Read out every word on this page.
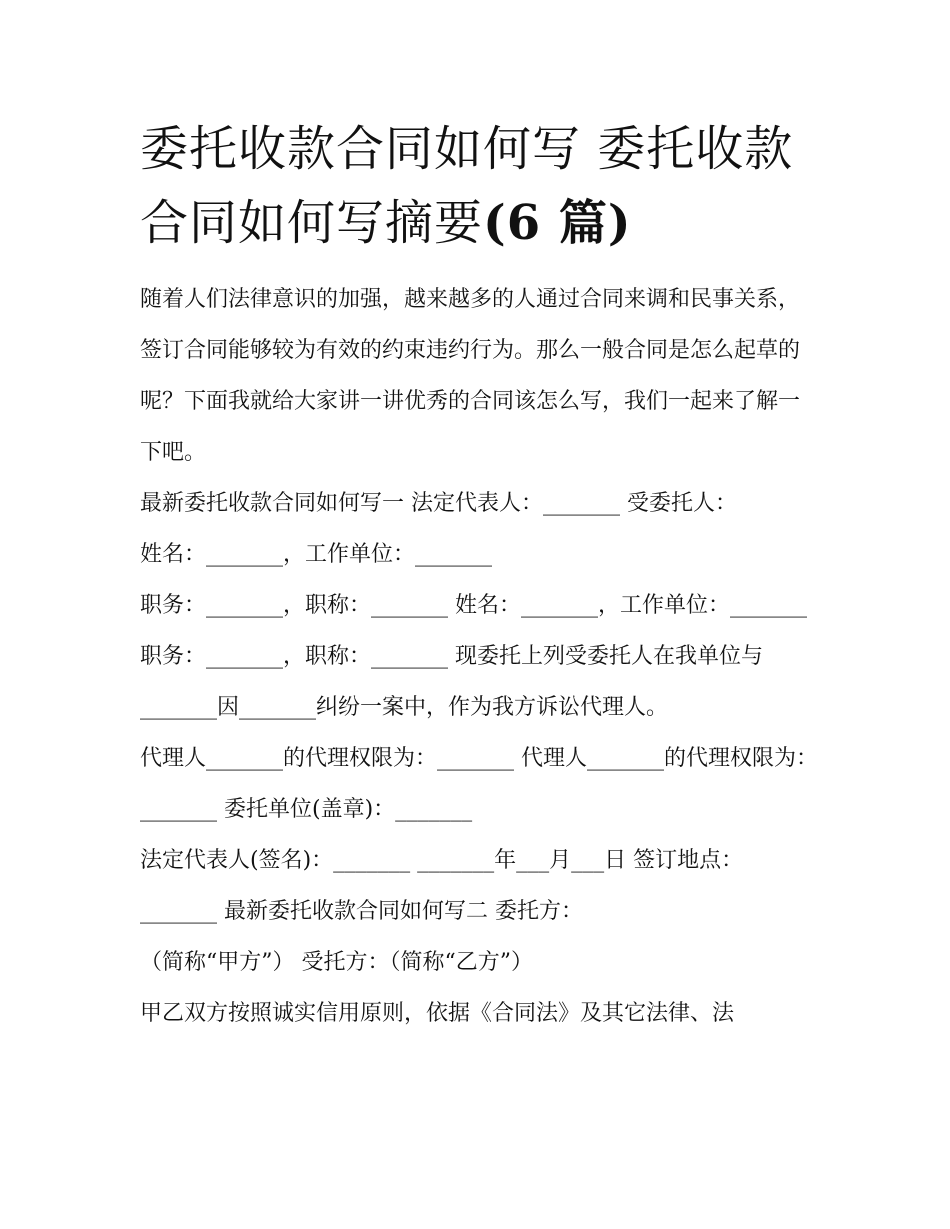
委托收款合同如何写 委托收款
合同如何写摘要(6 篇)

随着人们法律意识的加强，越来越多的人通过合同来调和民事关系，签订合同能够较为有效的约束违约行为。那么一般合同是怎么起草的呢？下面我就给大家讲一讲优秀的合同该怎么写，我们一起来了解一下吧。

最新委托收款合同如何写一 法定代表人：_______ 受委托人：

姓名：_______，工作单位：_______

职务：_______，职称：_______ 姓名：_______，工作单位：_______

职务：_______，职称：_______ 现委托上列受委托人在我单位与_______因_______纠纷一案中，作为我方诉讼代理人。

代理人_______的代理权限为：_______ 代理人_______的代理权限为：_______ 委托单位(盖章)：_______

法定代表人(签名)：_______ _______年___月___日 签订地点：_______ 最新委托收款合同如何写二 委托方：

（简称“甲方”） 受托方：（简称“乙方”）

甲乙双方按照诚实信用原则，依据《合同法》及其它法律、法
